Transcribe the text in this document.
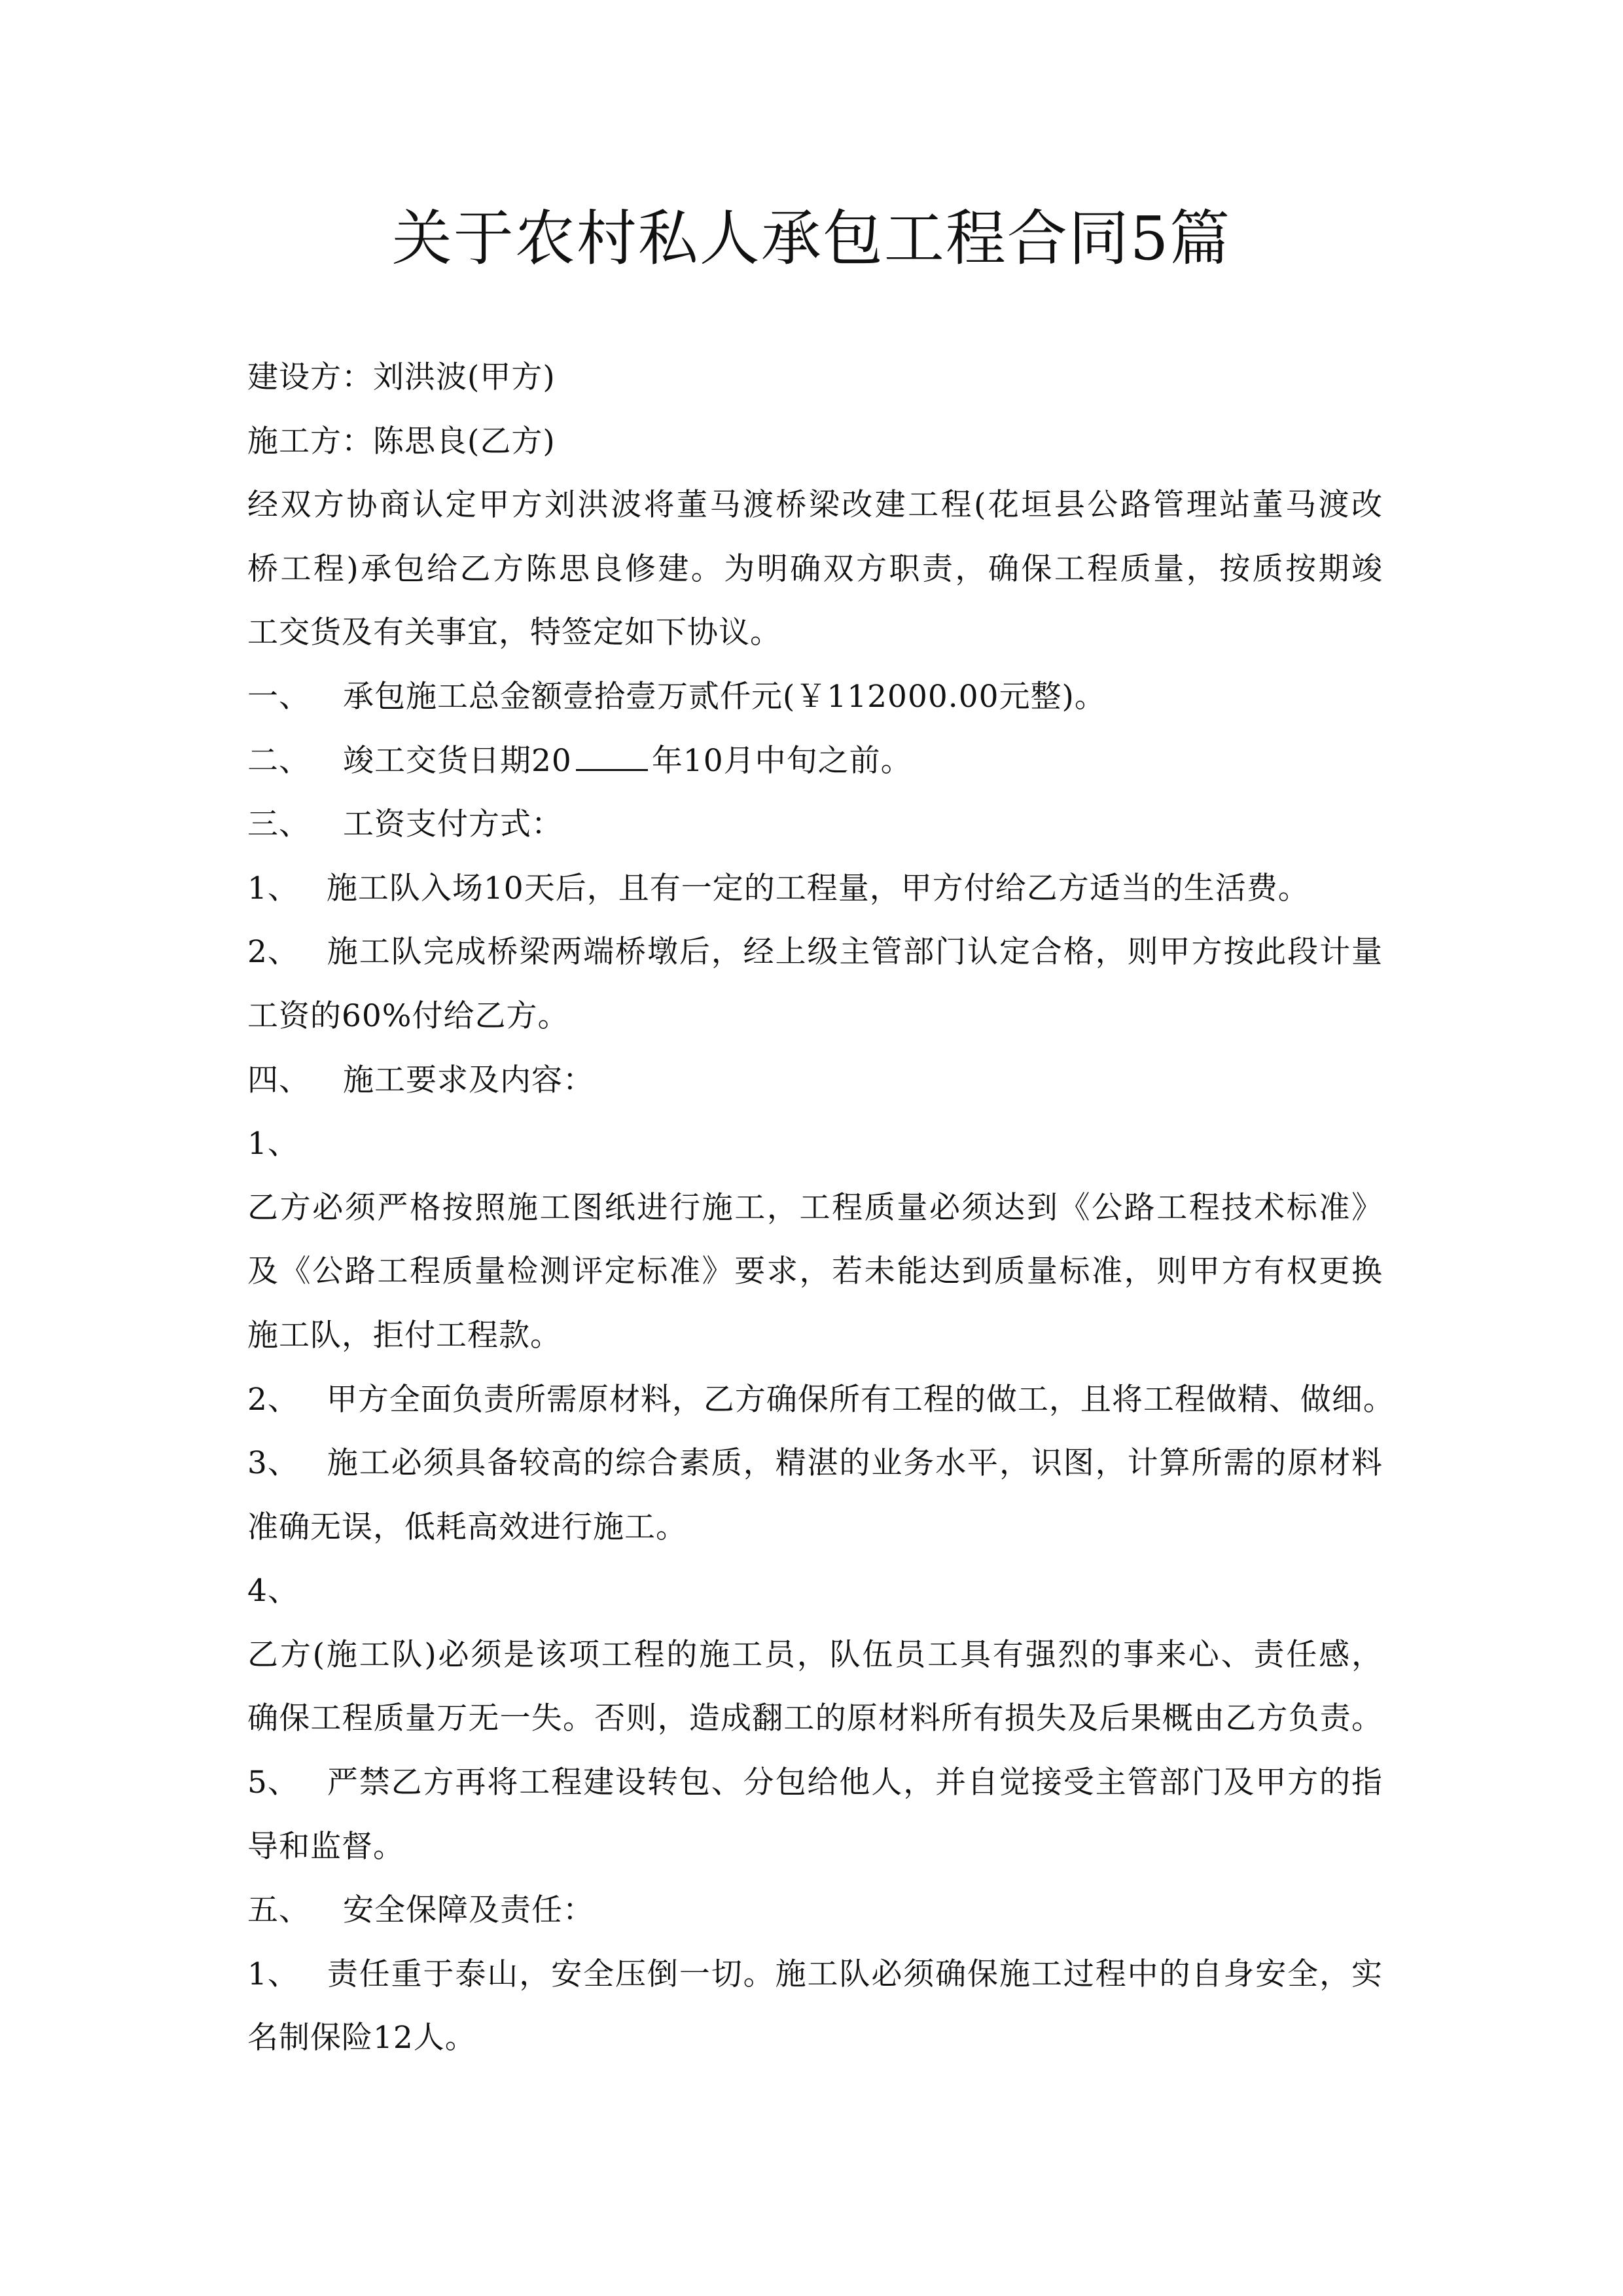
关于农村私人承包工程合同5篇
建设方：刘洪波(甲方)
施工方：陈思良(乙方)
经双方协商认定甲方刘洪波将董马渡桥梁改建工程(花垣县公路管理站董马渡改
桥工程)承包给乙方陈思良修建。为明确双方职责，确保工程质量，按质按期竣
工交货及有关事宜，特签定如下协议。
一、 承包施工总金额壹拾壹万贰仟元(￥112000.00元整)。
二、 竣工交货日期20	年10月中旬之前。
三、 工资支付方式：
1、 施工队入场10天后，且有一定的工程量，甲方付给乙方适当的生活费。
2、 施工队完成桥梁两端桥墩后，经上级主管部门认定合格，则甲方按此段计量
工资的60%付给乙方。
四、 施工要求及内容：
1、
乙方必须严格按照施工图纸进行施工，工程质量必须达到《公路工程技术标准》
及《公路工程质量检测评定标准》要求，若未能达到质量标准，则甲方有权更换
施工队，拒付工程款。
2、 甲方全面负责所需原材料，乙方确保所有工程的做工，且将工程做精、做细。
3、 施工必须具备较高的综合素质，精湛的业务水平，识图，计算所需的原材料
准确无误，低耗高效进行施工。
4、
乙方(施工队)必须是该项工程的施工员，队伍员工具有强烈的事来心、责任感，
确保工程质量万无一失。否则，造成翻工的原材料所有损失及后果概由乙方负责。
5、 严禁乙方再将工程建设转包、分包给他人，并自觉接受主管部门及甲方的指
导和监督。
五、 安全保障及责任：
1、 责任重于泰山，安全压倒一切。施工队必须确保施工过程中的自身安全，实
名制保险12人。
